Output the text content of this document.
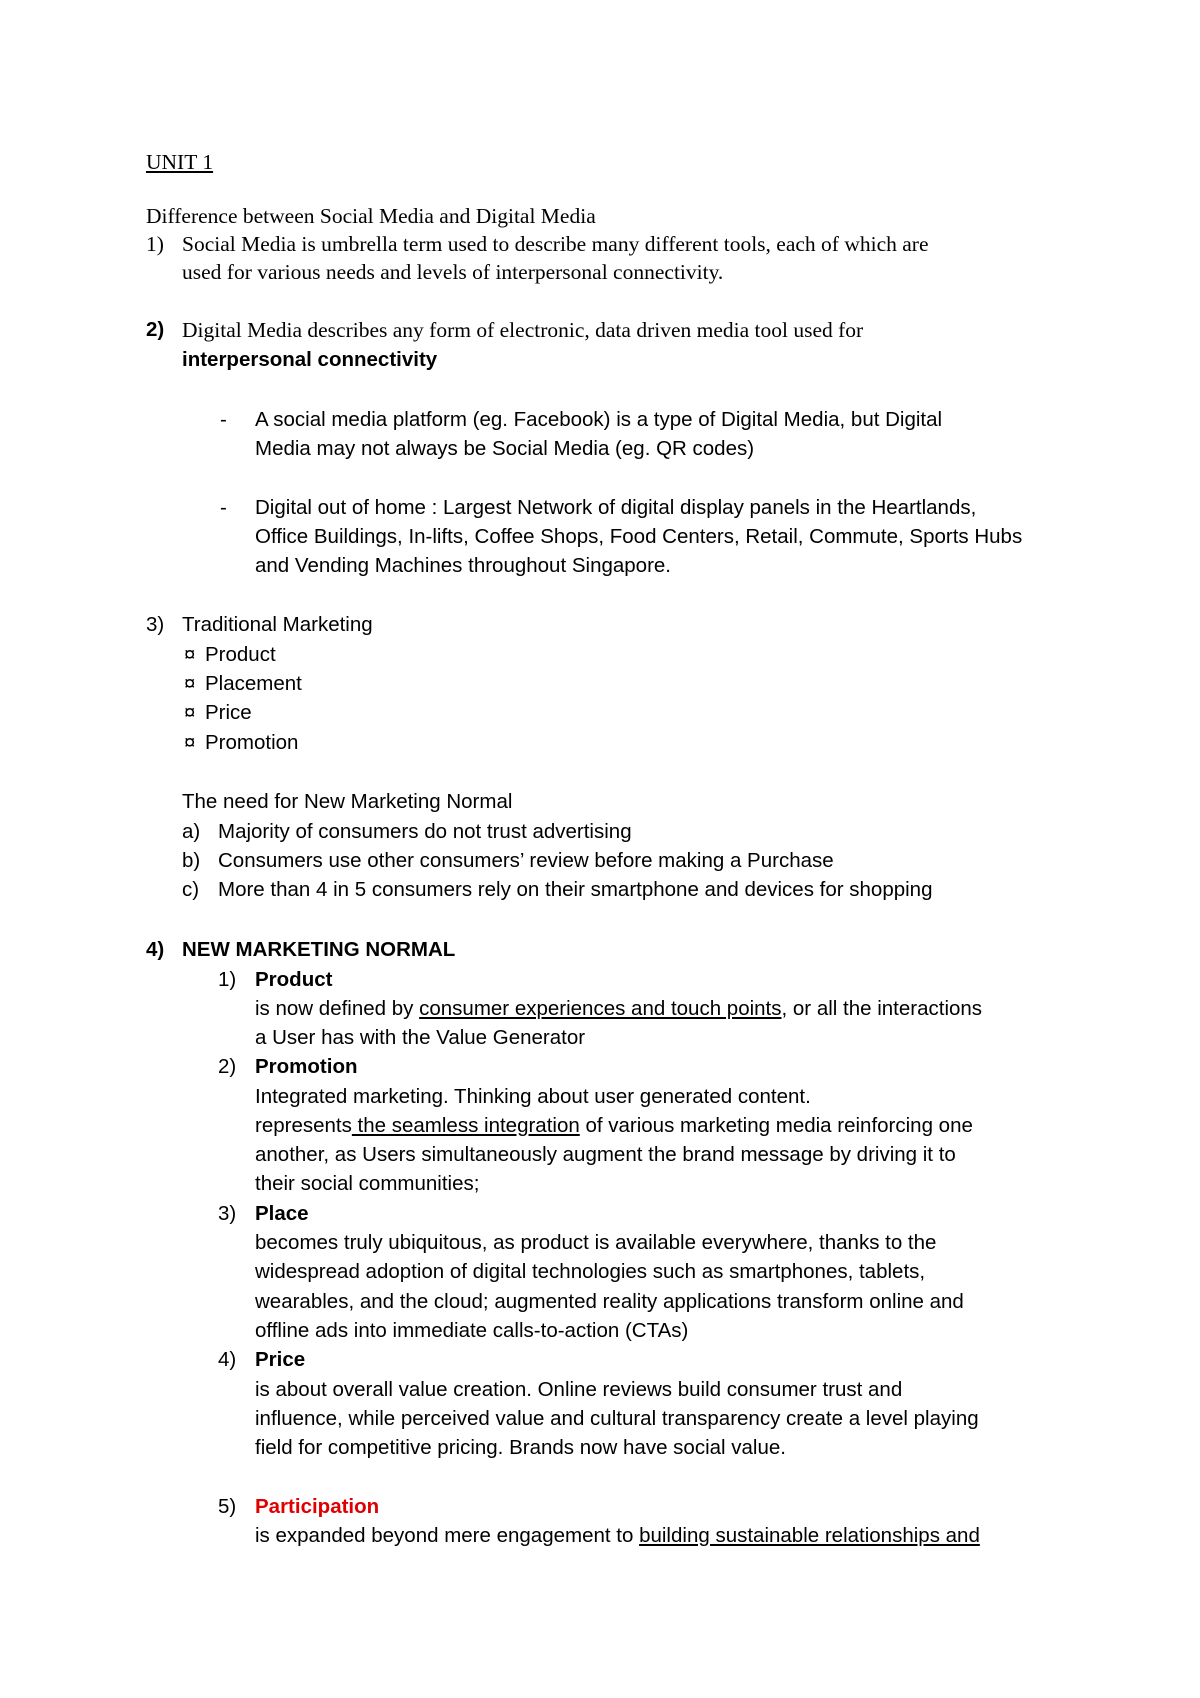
UNIT 1
Difference between Social Media and Digital Media
1) Social Media is umbrella term used to describe many different tools, each of which are
used for various needs and levels of interpersonal connectivity.
2) Digital Media describes any form of electronic, data driven media tool used for
interpersonal connectivity
- A social media platform (eg. Facebook) is a type of Digital Media, but Digital
Media may not always be Social Media (eg. QR codes)
- Digital out of home : Largest Network of digital display panels in the Heartlands,
Office Buildings, In-lifts, Coffee Shops, Food Centers, Retail, Commute, Sports Hubs
and Vending Machines throughout Singapore.
3) Traditional Marketing
¤ Product
¤ Placement
¤ Price
¤ Promotion
The need for New Marketing Normal
a) Majority of consumers do not trust advertising
b) Consumers use other consumers’ review before making a Purchase
c) More than 4 in 5 consumers rely on their smartphone and devices for shopping
4) NEW MARKETING NORMAL
1) Product
is now defined by consumer experiences and touch points, or all the interactions
a User has with the Value Generator
2) Promotion
Integrated marketing. Thinking about user generated content.
represents the seamless integration of various marketing media reinforcing one
another, as Users simultaneously augment the brand message by driving it to
their social communities;
3) Place
becomes truly ubiquitous, as product is available everywhere, thanks to the
widespread adoption of digital technologies such as smartphones, tablets,
wearables, and the cloud; augmented reality applications transform online and
offline ads into immediate calls-to-action (CTAs)
4) Price
is about overall value creation. Online reviews build consumer trust and
influence, while perceived value and cultural transparency create a level playing
field for competitive pricing. Brands now have social value.
5) Participation
is expanded beyond mere engagement to building sustainable relationships and
